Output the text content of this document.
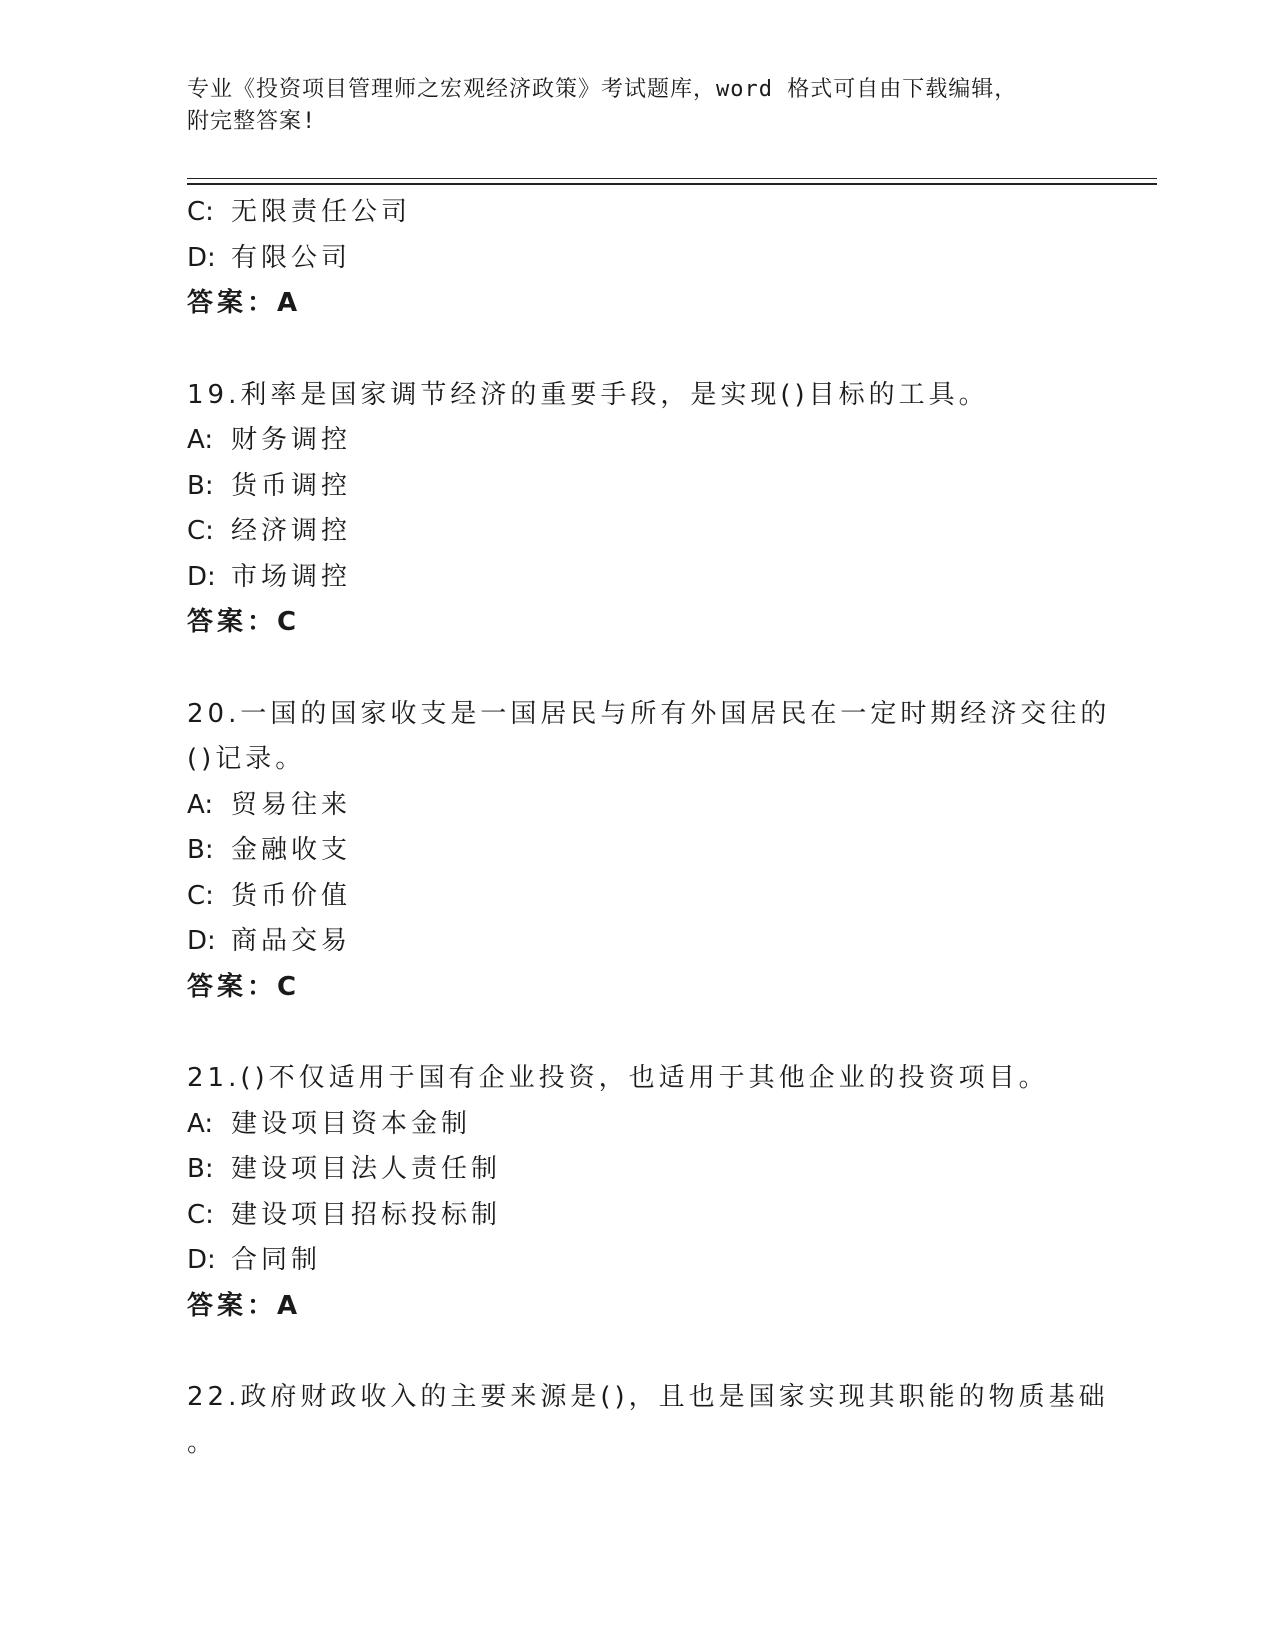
专业《投资项目管理师之宏观经济政策》考试题库，word 格式可自由下载编辑，
附完整答案!
C: 无限责任公司
D: 有限公司
答案：A
19.利率是国家调节经济的重要手段，是实现()目标的工具。
A: 财务调控
B: 货币调控
C: 经济调控
D: 市场调控
答案：C
20.一国的国家收支是一国居民与所有外国居民在一定时期经济交往的
()记录。
A: 贸易往来
B: 金融收支
C: 货币价值
D: 商品交易
答案：C
21.()不仅适用于国有企业投资，也适用于其他企业的投资项目。
A: 建设项目资本金制
B: 建设项目法人责任制
C: 建设项目招标投标制
D: 合同制
答案：A
22.政府财政收入的主要来源是()，且也是国家实现其职能的物质基础
。
